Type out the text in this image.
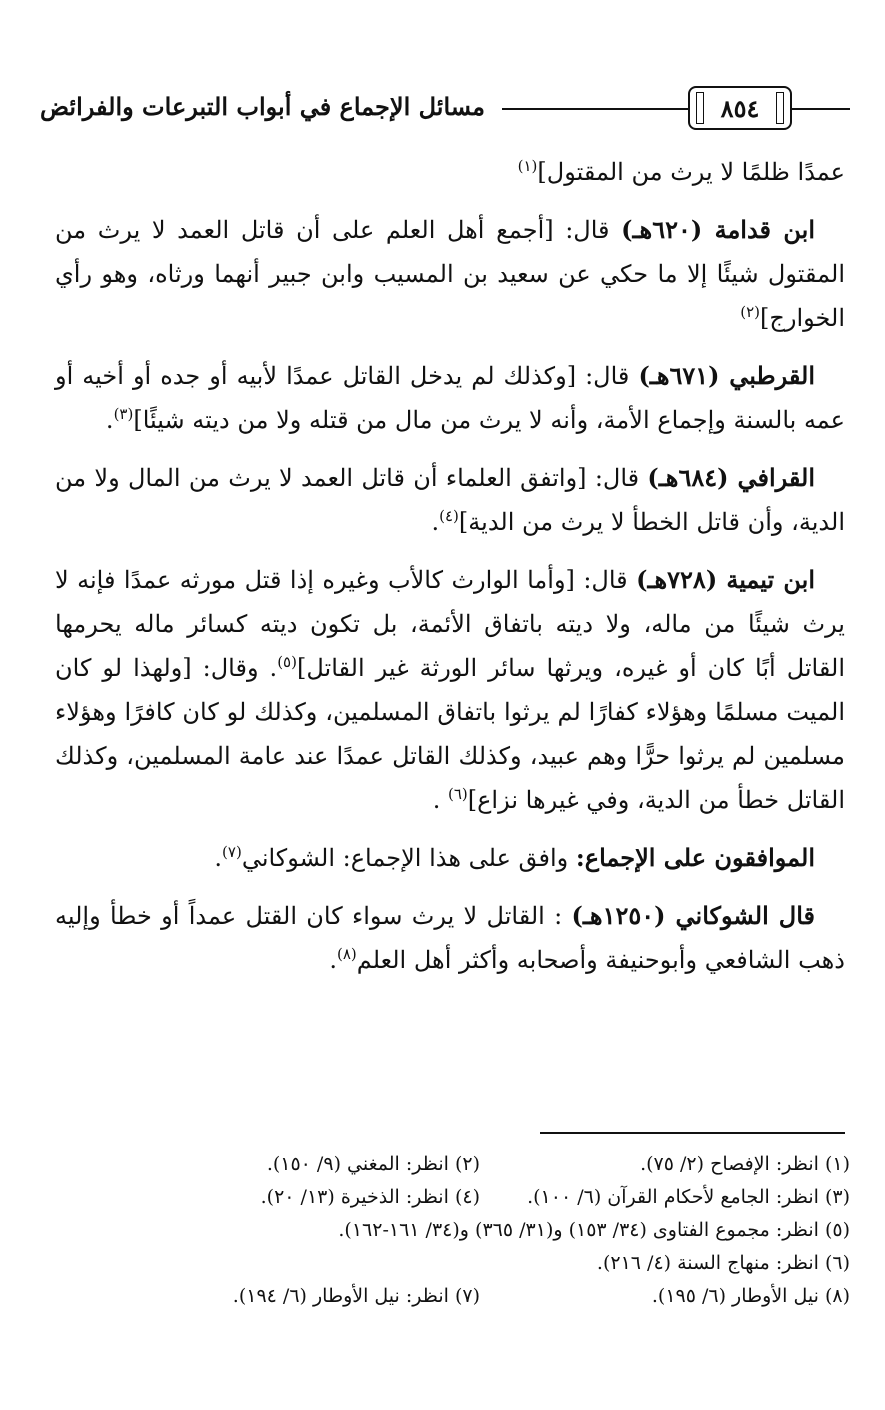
٨٥٤
مسائل الإجماع في أبواب التبرعات والفرائض

عمدًا ظلمًا لا يرث من المقتول]$^{(١)}$

ابن قدامة (٦٢٠هـ) قال: [أجمع أهل العلم على أن قاتل العمد لا يرث من المقتول شيئًا إلا ما حكي عن سعيد بن المسيب وابن جبير أنهما ورثاه، وهو رأي الخوارج]$^{(٢)}$

القرطبي (٦٧١هـ) قال: [وكذلك لم يدخل القاتل عمدًا لأبيه أو جده أو أخيه أو عمه بالسنة وإجماع الأمة، وأنه لا يرث من مال من قتله ولا من ديته شيئًا]$^{(٣)}$.

القرافي (٦٨٤هـ) قال: [واتفق العلماء أن قاتل العمد لا يرث من المال ولا من الدية، وأن قاتل الخطأ لا يرث من الدية]$^{(٤)}$.

ابن تيمية (٧٢٨هـ) قال: [وأما الوارث كالأب وغيره إذا قتل مورثه عمدًا فإنه لا يرث شيئًا من ماله، ولا ديته باتفاق الأئمة، بل تكون ديته كسائر ماله يحرمها القاتل أبًا كان أو غيره، ويرثها سائر الورثة غير القاتل]$^{(٥)}$. وقال: [ولهذا لو كان الميت مسلمًا وهؤلاء كفارًا لم يرثوا باتفاق المسلمين، وكذلك لو كان كافرًا وهؤلاء مسلمين لم يرثوا حرًّا وهم عبيد، وكذلك القاتل عمدًا عند عامة المسلمين، وكذلك القاتل خطأ من الدية، وفي غيرها نزاع]$^{(٦)}$ .

الموافقون على الإجماع: وافق على هذا الإجماع: الشوكاني$^{(٧)}$.

قال الشوكاني (١٢٥٠هـ) : القاتل لا يرث سواء كان القتل عمداً أو خطأ وإليه ذهب الشافعي وأبوحنيفة وأصحابه وأكثر أهل العلم$^{(٨)}$.

(١) انظر: الإفصاح (٢/ ٧٥).
(٢) انظر: المغني (٩/ ١٥٠).
(٣) انظر: الجامع لأحكام القرآن (٦/ ١٠٠).
(٤) انظر: الذخيرة (١٣/ ٢٠).
(٥) انظر: مجموع الفتاوى (٣٤/ ١٥٣) و(٣١/ ٣٦٥) و(٣٤/ ١٦١-١٦٢).
(٦) انظر: منهاج السنة (٤/ ٢١٦).
(٨) نيل الأوطار (٦/ ١٩٥).
(٧) انظر: نيل الأوطار (٦/ ١٩٤).
